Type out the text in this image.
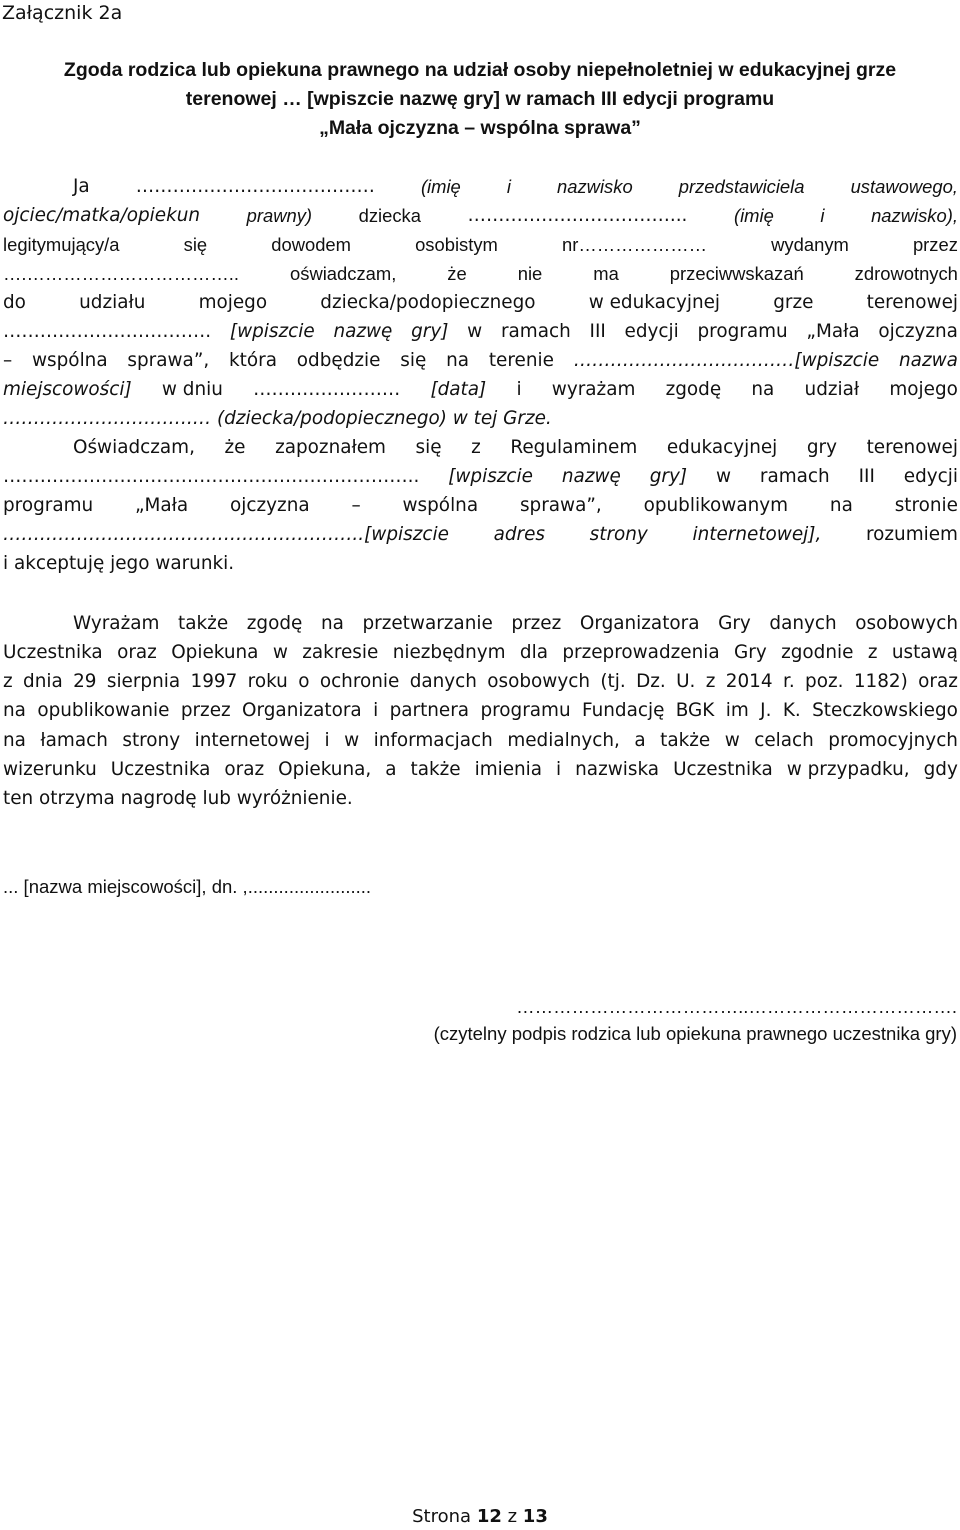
Załącznik 2a
Zgoda rodzica lub opiekuna prawnego na udział osoby niepełnoletniej w edukacyjnej grze
terenowej … [wpiszcie nazwę gry] w ramach III edycji programu
„Mała ojczyzna – wspólna sprawa”
Ja	…………………………………	(imię	i	nazwisko	przedstawiciela	ustawowego,
ojciec/matka/opiekun	prawny)	dziecka	……………………………...	(imię	i	nazwisko),
legitymujący/a	się	dowodem	osobistym	nr…………………	wydanym	przez
….……………………………..	oświadczam,	że	nie	ma	przeciwwskazań	zdrowotnych
do	udziału	mojego	dziecka/podopiecznego	w edukacyjnej	grze	terenowej
……………………………. [wpiszcie nazwę gry] w ramach III edycji programu „Mała ojczyzna
– wspólna sprawa”, która odbędzie się na terenie ………………………………[wpiszcie nazwa
miejscowości] w dniu …………………… [data] i wyrażam zgodę na udział mojego
………………………….… (dziecka/podopiecznego) w tej Grze.
Oświadczam, że zapoznałem się z Regulaminem edukacyjnej gry terenowej
………………………………………………………….. [wpiszcie nazwę gry] w ramach III edycji
programu „Mała ojczyzna – wspólna sprawa”, opublikowanym na stronie
…………………………………………………..[wpiszcie adres strony internetowej], rozumiem
i akceptuję jego warunki.
Wyrażam także zgodę na przetwarzanie przez Organizatora Gry danych osobowych
Uczestnika oraz Opiekuna w zakresie niezbędnym dla przeprowadzenia Gry zgodnie z ustawą
z dnia 29 sierpnia 1997 roku o ochronie danych osobowych (tj. Dz. U. z 2014 r. poz. 1182) oraz
na opublikowanie przez Organizatora i partnera programu Fundację BGK im J. K. Steczkowskiego
na łamach strony internetowej i w informacjach medialnych, a także w celach promocyjnych
wizerunku Uczestnika oraz Opiekuna, a także imienia i nazwiska Uczestnika w przypadku, gdy
ten otrzyma nagrodę lub wyróżnienie.
... [nazwa miejscowości], dn. ,........................
………………………………..…………………………….
(czytelny podpis rodzica lub opiekuna prawnego uczestnika gry)
Strona 12 z 13
